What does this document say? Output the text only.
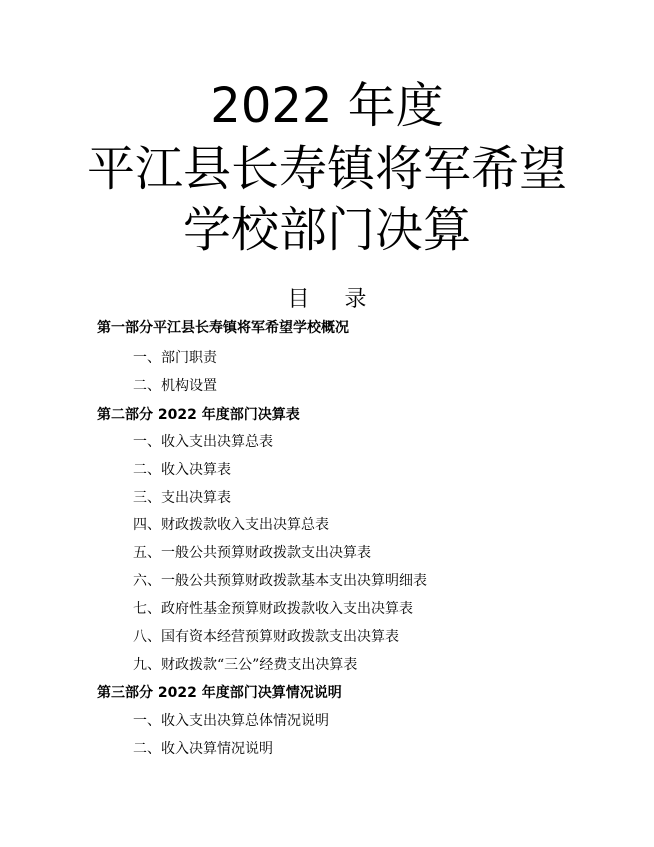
2022 年度
平江县长寿镇将军希望
学校部门决算
目 录
第一部分平江县长寿镇将军希望学校概况
一、部门职责
二、机构设置
第二部分 2022 年度部门决算表
一、收入支出决算总表
二、收入决算表
三、支出决算表
四、财政拨款收入支出决算总表
五、一般公共预算财政拨款支出决算表
六、一般公共预算财政拨款基本支出决算明细表
七、政府性基金预算财政拨款收入支出决算表
八、国有资本经营预算财政拨款支出决算表
九、财政拨款“三公”经费支出决算表
第三部分 2022 年度部门决算情况说明
一、收入支出决算总体情况说明
二、收入决算情况说明
